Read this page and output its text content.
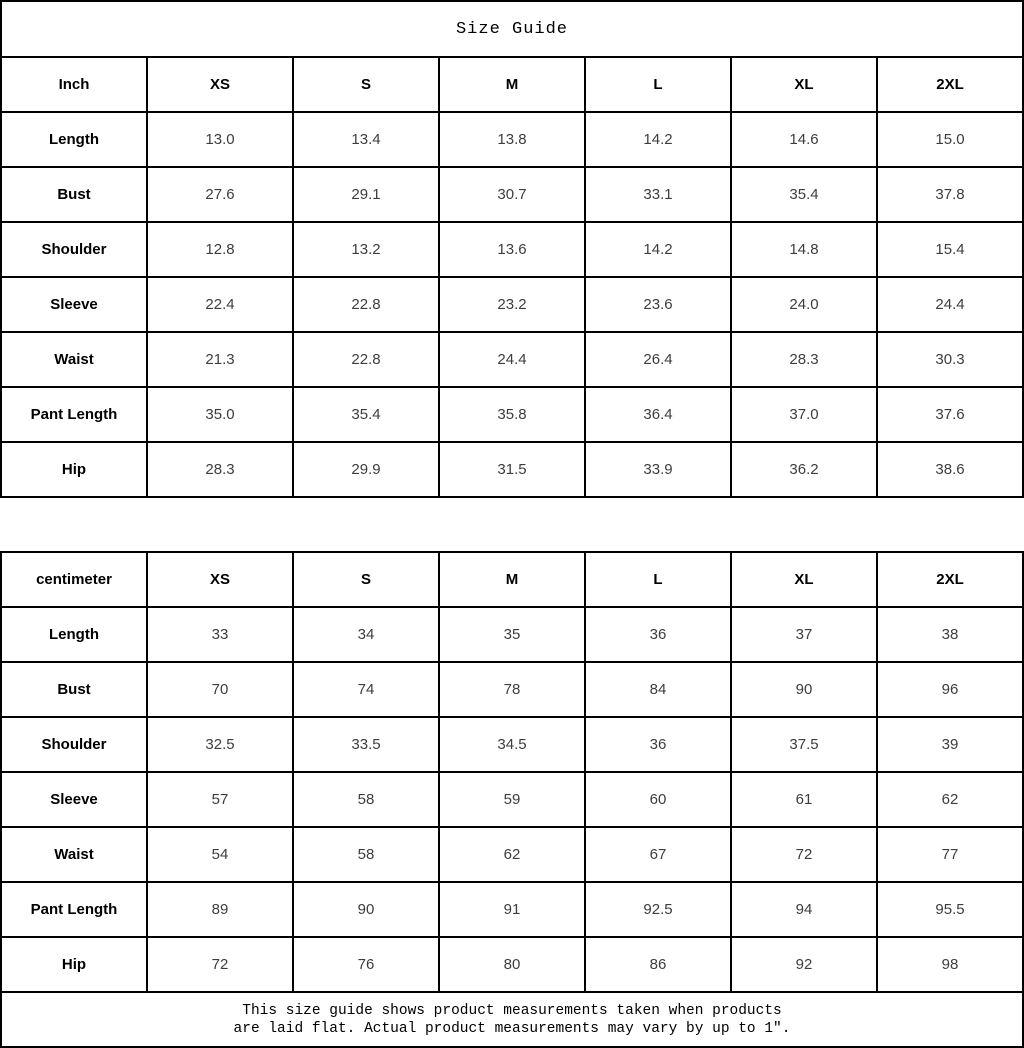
Size Guide						
Inch	XS	S	M	L	XL	2XL
Length	13.0	13.4	13.8	14.2	14.6	15.0
Bust	27.6	29.1	30.7	33.1	35.4	37.8
Shoulder	12.8	13.2	13.6	14.2	14.8	15.4
Sleeve	22.4	22.8	23.2	23.6	24.0	24.4
Waist	21.3	22.8	24.4	26.4	28.3	30.3
Pant Length	35.0	35.4	35.8	36.4	37.0	37.6
Hip	28.3	29.9	31.5	33.9	36.2	38.6
centimeter	XS	S	M	L	XL	2XL
Length	33	34	35	36	37	38
Bust	70	74	78	84	90	96
Shoulder	32.5	33.5	34.5	36	37.5	39
Sleeve	57	58	59	60	61	62
Waist	54	58	62	67	72	77
Pant Length	89	90	91	92.5	94	95.5
Hip	72	76	80	86	92	98

This size guide shows product measurements taken when products
are laid flat. Actual product measurements may vary by up to 1″.						
